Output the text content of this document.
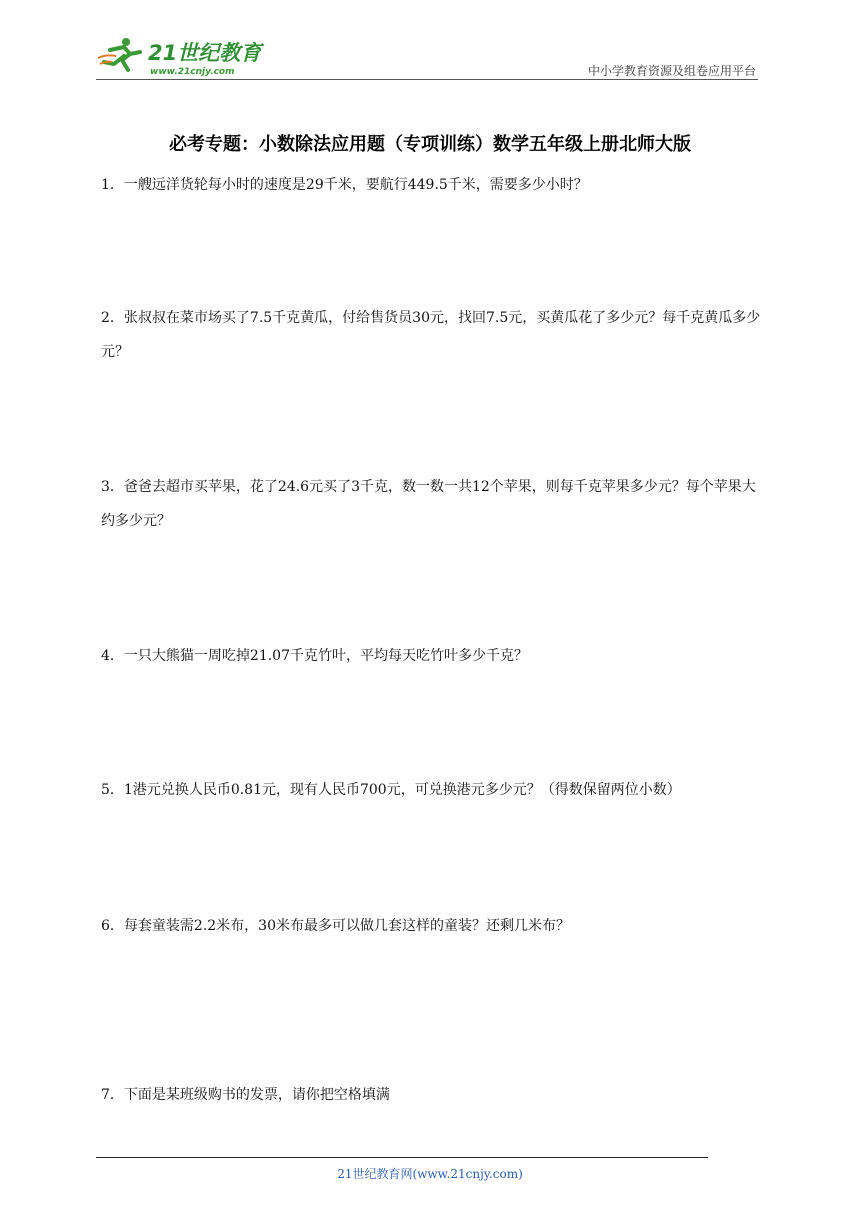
21世纪教育
www.21cnjy.com	中小学教育资源及组卷应用平台
必考专题：小数除法应用题（专项训练）数学五年级上册北师大版
1．一艘远洋货轮每小时的速度是29千米，要航行449.5千米，需要多少小时？
2．张叔叔在菜市场买了7.5千克黄瓜，付给售货员30元，找回7.5元，买黄瓜花了多少元？每千克黄瓜多少元？
3．爸爸去超市买苹果，花了24.6元买了3千克，数一数一共12个苹果，则每千克苹果多少元？每个苹果大约多少元？
4．一只大熊猫一周吃掉21.07千克竹叶，平均每天吃竹叶多少千克？
5．1港元兑换人民币0.81元，现有人民币700元，可兑换港元多少元？（得数保留两位小数）
6．每套童装需2.2米布，30米布最多可以做几套这样的童装？还剩几米布？
7．下面是某班级购书的发票，请你把空格填满
21世纪教育网(www.21cnjy.com)
